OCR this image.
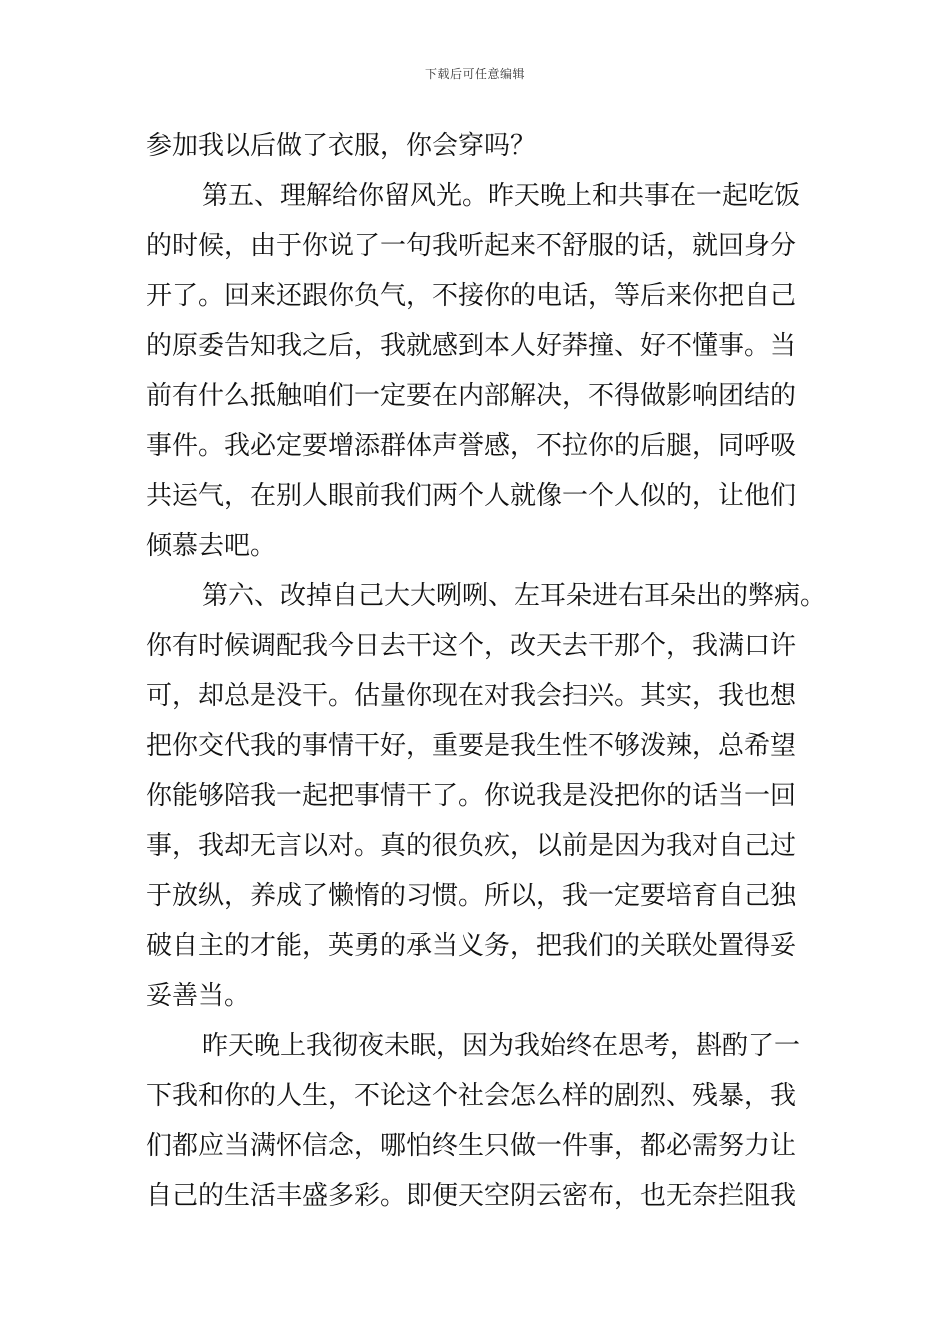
下载后可任意编辑
参加我以后做了衣服，你会穿吗？
第五、理解给你留风光。昨天晚上和共事在一起吃饭
的时候，由于你说了一句我听起来不舒服的话，就回身分
开了。回来还跟你负气，不接你的电话，等后来你把自己
的原委告知我之后，我就感到本人好莽撞、好不懂事。当
前有什么抵触咱们一定要在内部解决，不得做影响团结的
事件。我必定要增添群体声誉感，不拉你的后腿，同呼吸
共运气，在别人眼前我们两个人就像一个人似的，让他们
倾慕去吧。
第六、改掉自己大大咧咧、左耳朵进右耳朵出的弊病。
你有时候调配我今日去干这个，改天去干那个，我满口许
可，却总是没干。估量你现在对我会扫兴。其实，我也想
把你交代我的事情干好，重要是我生性不够泼辣，总希望
你能够陪我一起把事情干了。你说我是没把你的话当一回
事，我却无言以对。真的很负疚，以前是因为我对自己过
于放纵，养成了懒惰的习惯。所以，我一定要培育自己独
破自主的才能，英勇的承当义务，把我们的关联处置得妥
妥善当。
昨天晚上我彻夜未眠，因为我始终在思考，斟酌了一
下我和你的人生，不论这个社会怎么样的剧烈、残暴，我
们都应当满怀信念，哪怕终生只做一件事，都必需努力让
自己的生活丰盛多彩。即便天空阴云密布，也无奈拦阻我
